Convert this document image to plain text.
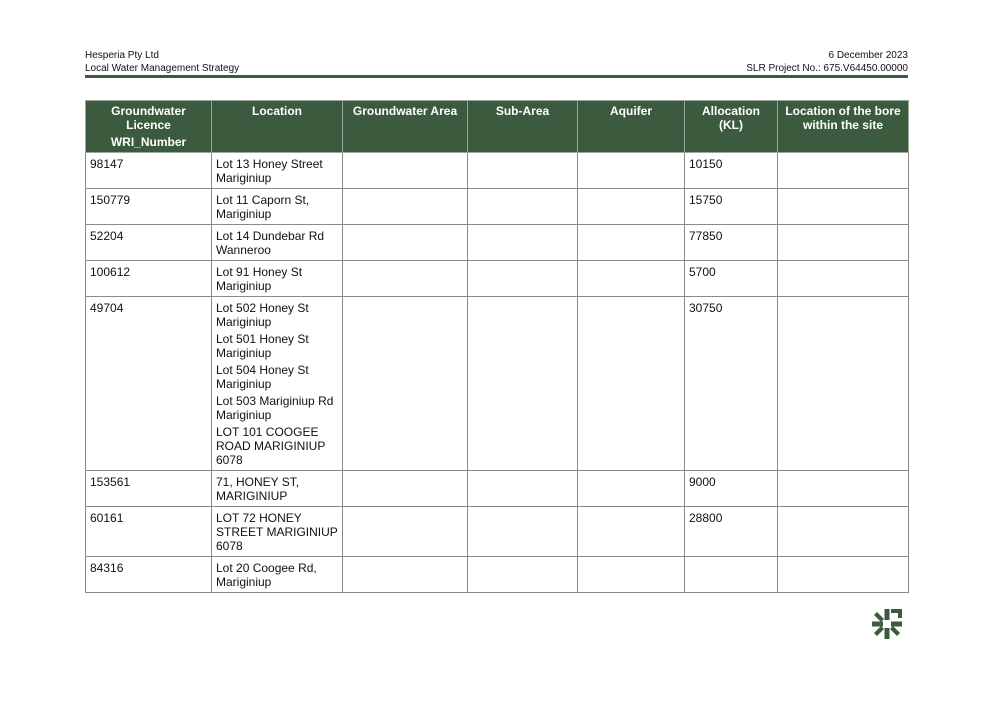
Hesperia Pty Ltd
Local Water Management Strategy
6 December 2023
SLR Project No.: 675.V64450.00000
Groundwater
Licence
WRI_Number	Location	Groundwater Area	Sub-Area	Aquifer	Allocation (KL)	Location of the bore within the site
98147	Lot 13 Honey Street Mariginiup				10150	
150779	Lot 11 Caporn St, Mariginiup				15750	
52204	Lot 14 Dundebar Rd Wanneroo				77850	
100612	Lot 91 Honey St Mariginiup				5700	
49704	Lot 502 Honey St Mariginiup
Lot 501 Honey St Mariginiup
Lot 504 Honey St Mariginiup
Lot 503 Mariginiup Rd Mariginiup
LOT 101 COOGEE ROAD MARIGINIUP 6078				30750	
153561	71, HONEY ST, MARIGINIUP				9000	
60161	LOT 72 HONEY STREET MARIGINIUP 6078				28800	
84316	Lot 20 Coogee Rd, Mariginiup					
